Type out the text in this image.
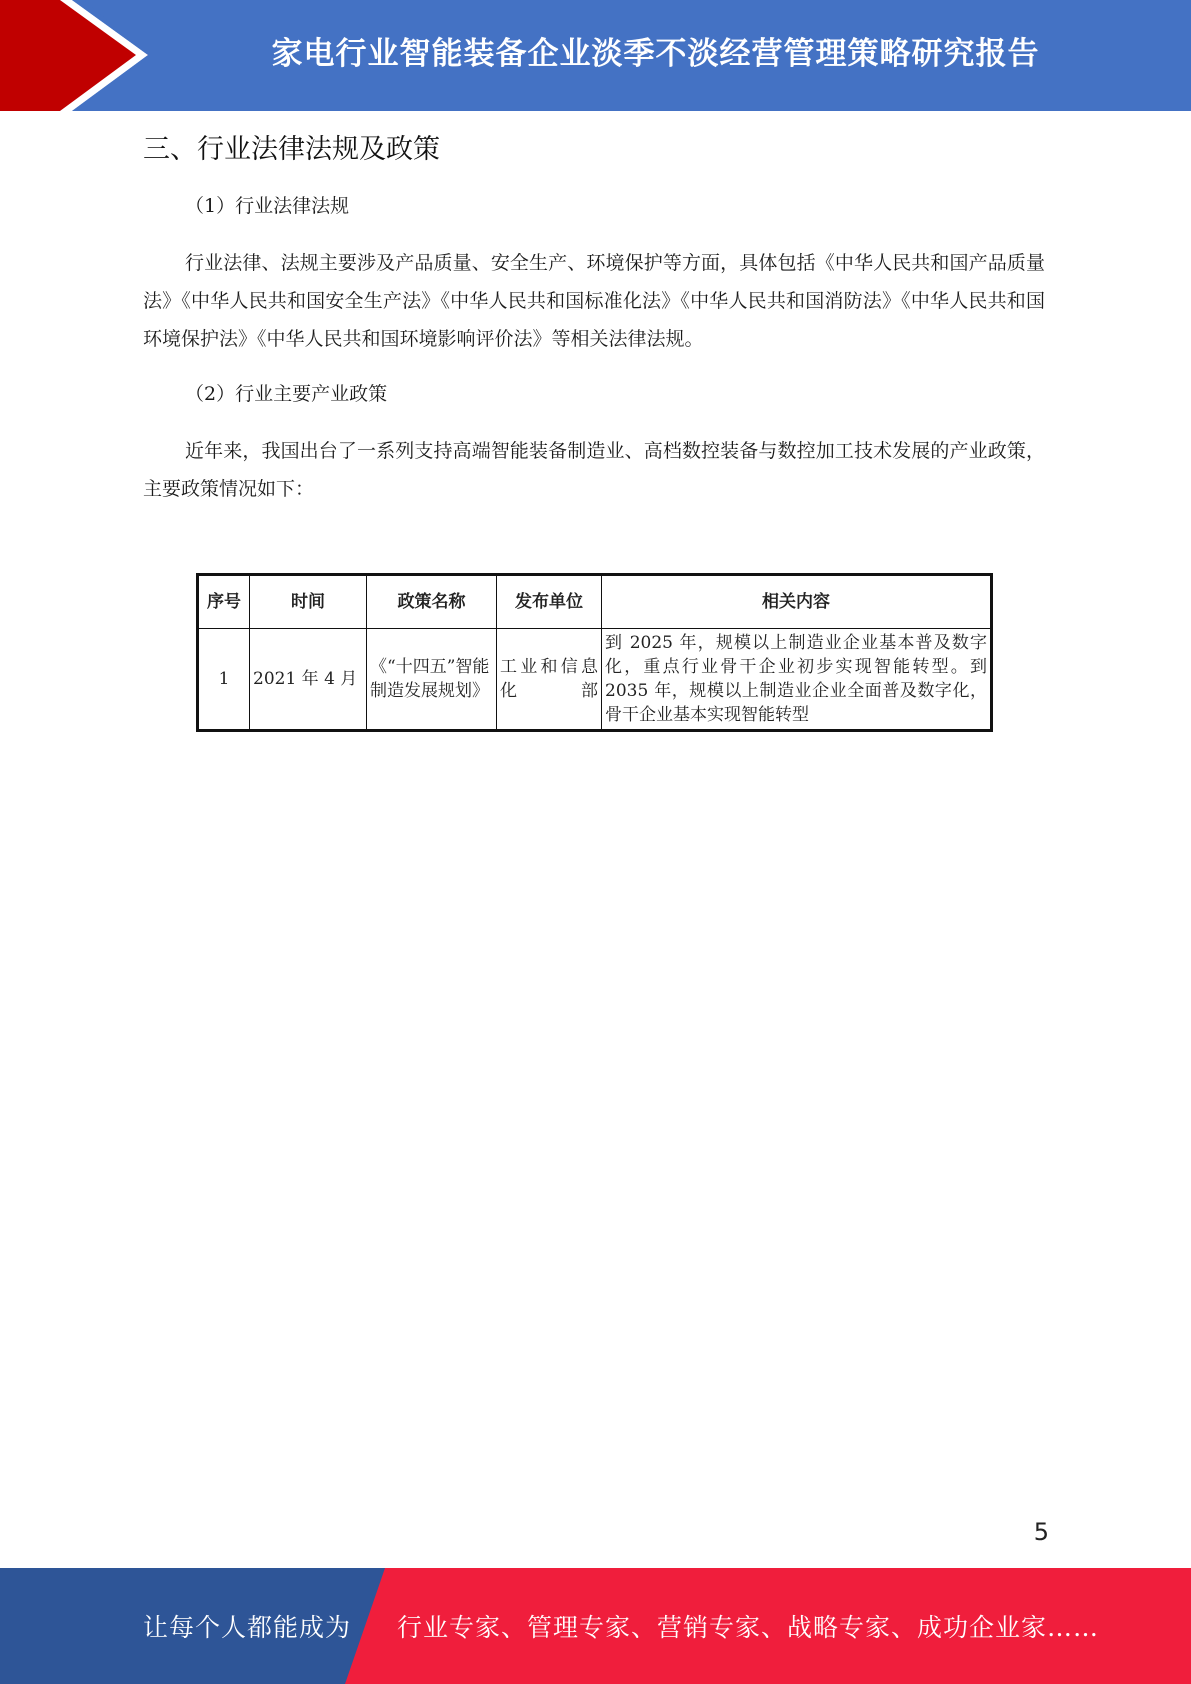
家电行业智能装备企业淡季不淡经营管理策略研究报告
三、行业法律法规及政策

（1）行业法律法规

行业法律、法规主要涉及产品质量、安全生产、环境保护等方面，具体包括《中华人民共和国产品质量法》《中华人民共和国安全生产法》《中华人民共和国标准化法》《中华人民共和国消防法》《中华人民共和国环境保护法》《中华人民共和国环境影响评价法》等相关法律法规。

（2）行业主要产业政策

近年来，我国出台了一系列支持高端智能装备制造业、高档数控装备与数控加工技术发展的产业政策，主要政策情况如下：

序号	时间	政策名称	发布单位	相关内容
1	2021 年 4 月	《“十四五”智能制造发展规划》	工业和信息化部	到 2025 年，规模以上制造业企业基本普及数字化，重点行业骨干企业初步实现智能转型。到 2035 年，规模以上制造业企业全面普及数字化，骨干企业基本实现智能转型
5
让每个人都能成为 行业专家、管理专家、营销专家、战略专家、成功企业家……
